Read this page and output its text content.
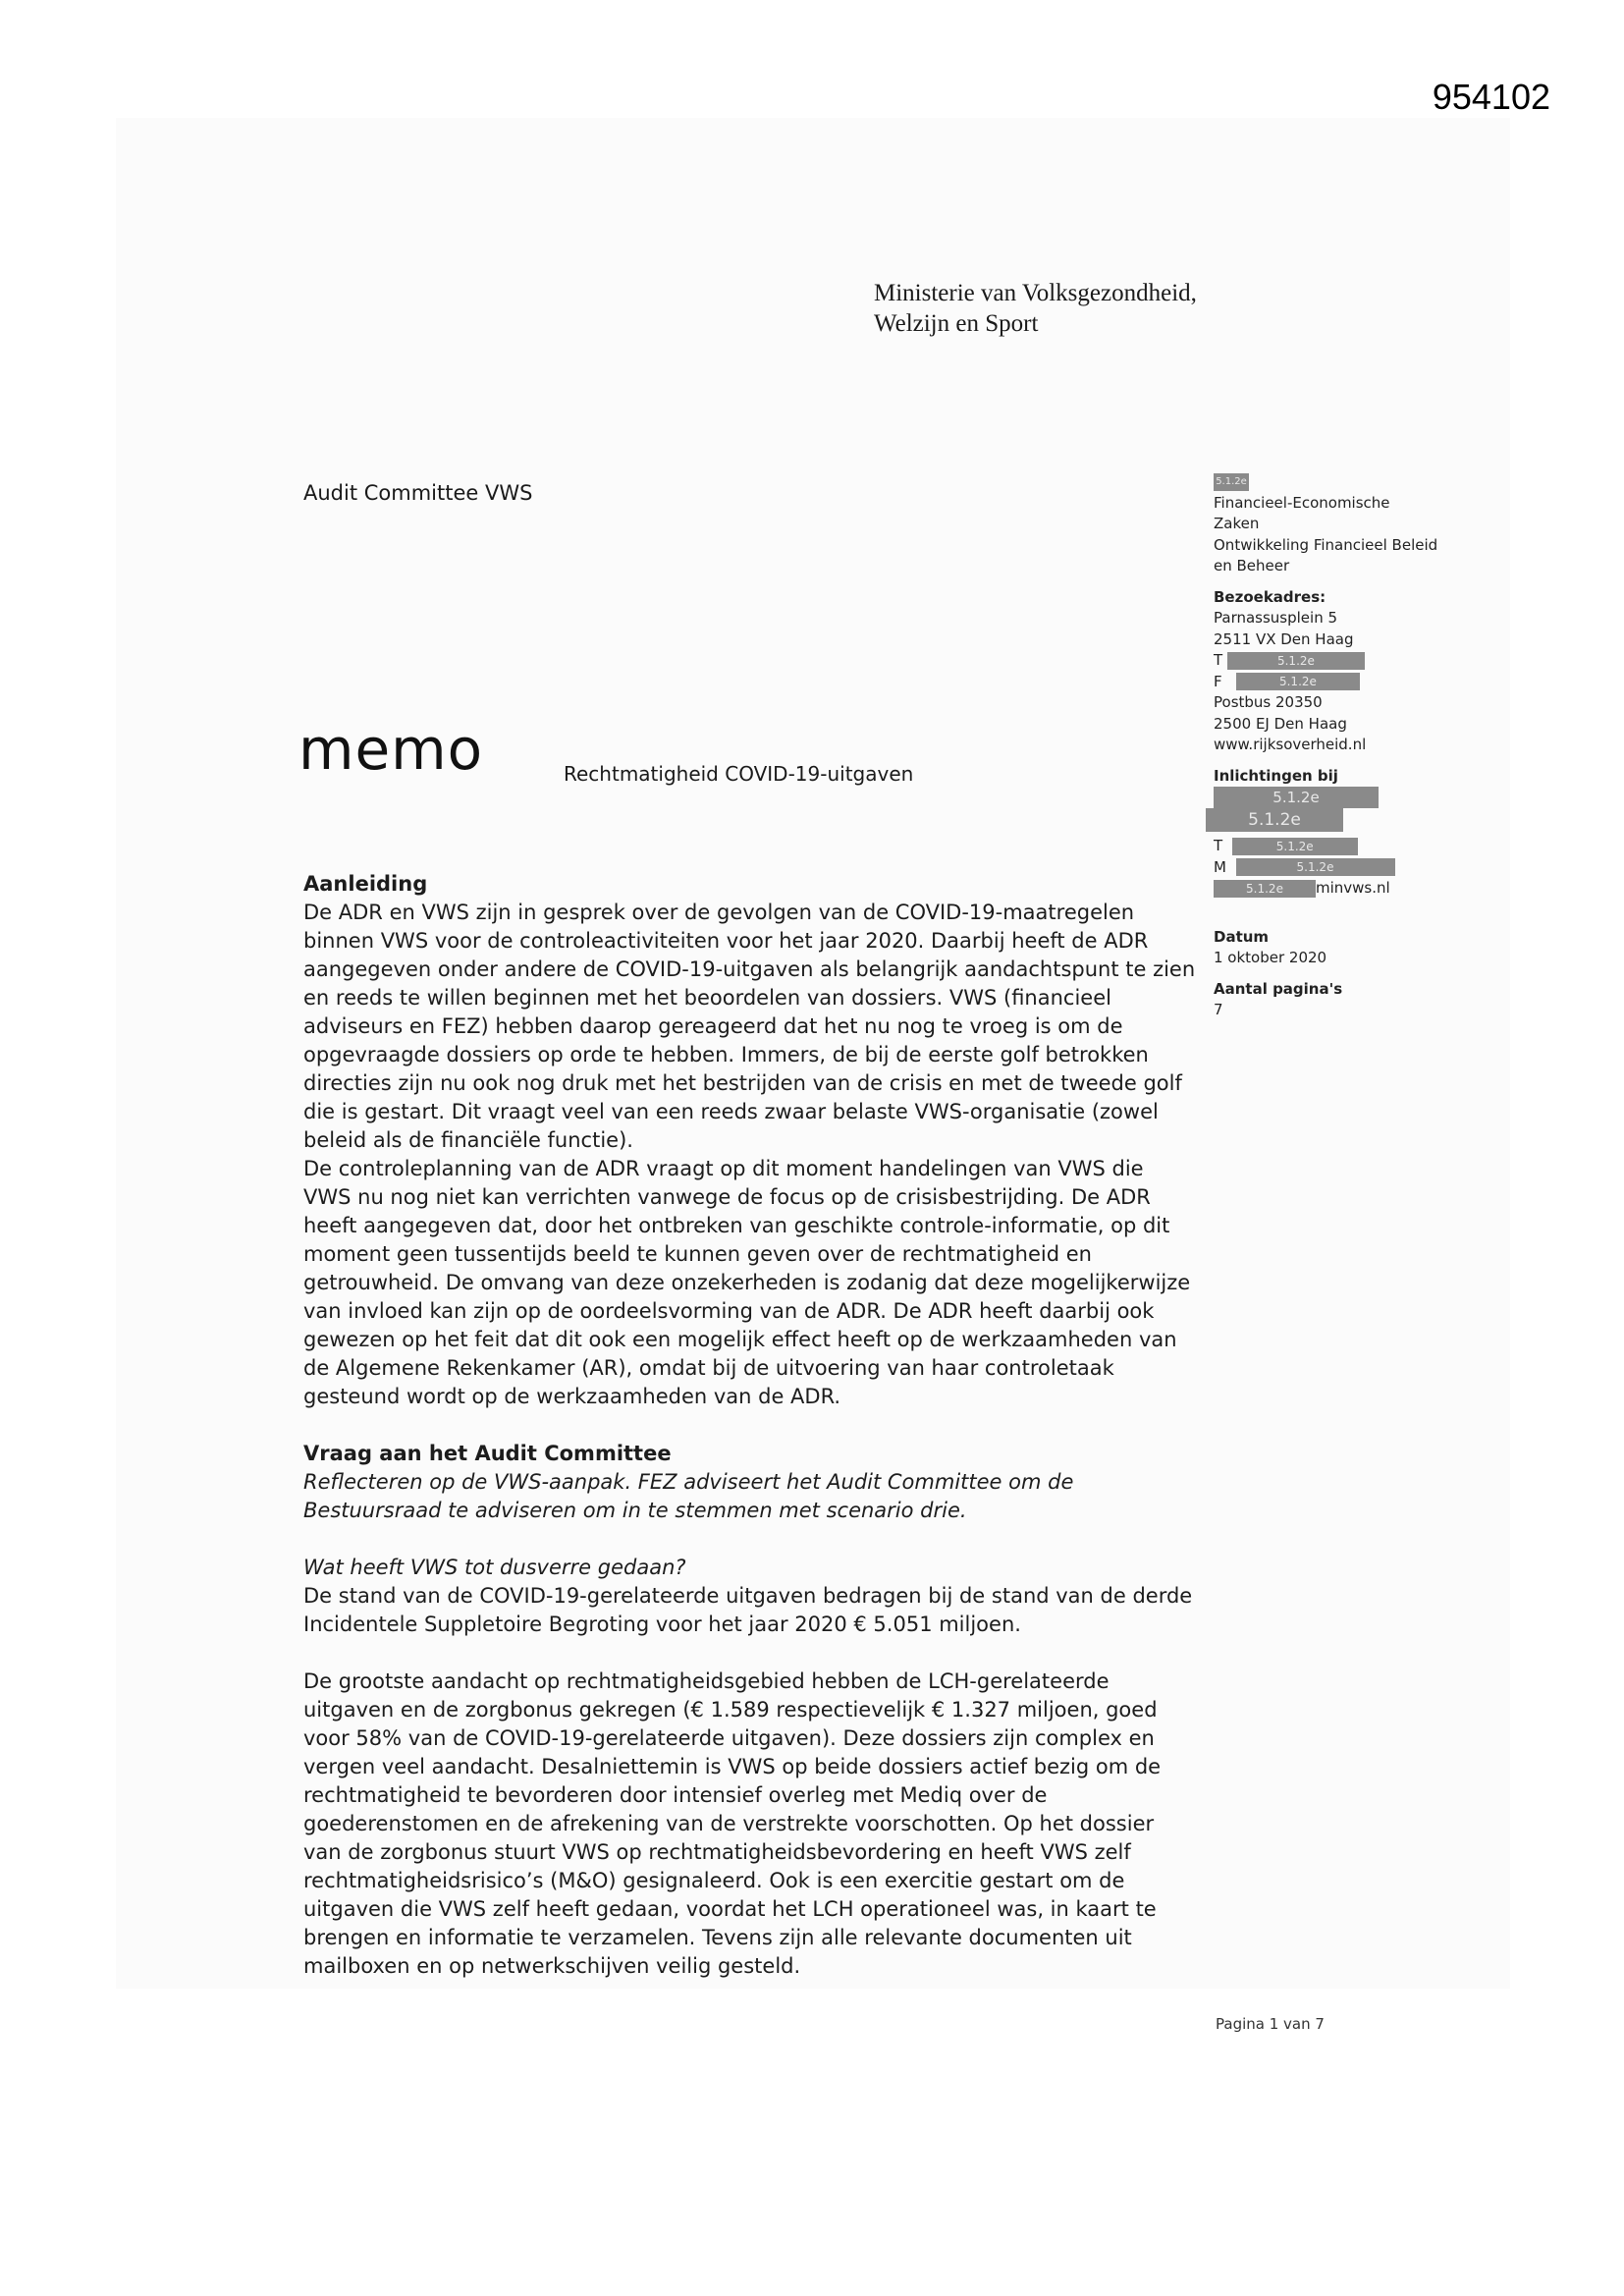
954102
Ministerie van Volksgezondheid,
Welzijn en Sport
Audit Committee VWS
memo	Rechtmatigheid COVID-19-uitgaven
5.1.2e
Financieel-Economische
Zaken
Ontwikkeling Financieel Beleid
en Beheer
Bezoekadres:
Parnassusplein 5
2511 VX Den Haag
T	5.1.2e
F	5.1.2e
Postbus 20350
2500 EJ Den Haag
www.rijksoverheid.nl
Inlichtingen bij
5.1.2e
5.1.2e
T	5.1.2e
M	5.1.2e
5.1.2e minvws.nl
Datum
1 oktober 2020
Aantal pagina's
7
Aanleiding

De ADR en VWS zijn in gesprek over de gevolgen van de COVID-19-maatregelen binnen VWS voor de controleactiviteiten voor het jaar 2020. Daarbij heeft de ADR aangegeven onder andere de COVID-19-uitgaven als belangrijk aandachtspunt te zien en reeds te willen beginnen met het beoordelen van dossiers. VWS (financieel adviseurs en FEZ) hebben daarop gereageerd dat het nu nog te vroeg is om de opgevraagde dossiers op orde te hebben. Immers, de bij de eerste golf betrokken directies zijn nu ook nog druk met het bestrijden van de crisis en met de tweede golf die is gestart. Dit vraagt veel van een reeds zwaar belaste VWS-organisatie (zowel beleid als de financiële functie).

De controleplanning van de ADR vraagt op dit moment handelingen van VWS die VWS nu nog niet kan verrichten vanwege de focus op de crisisbestrijding. De ADR heeft aangegeven dat, door het ontbreken van geschikte controle-informatie, op dit moment geen tussentijds beeld te kunnen geven over de rechtmatigheid en getrouwheid. De omvang van deze onzekerheden is zodanig dat deze mogelijkerwijze van invloed kan zijn op de oordeelsvorming van de ADR. De ADR heeft daarbij ook gewezen op het feit dat dit ook een mogelijk effect heeft op de werkzaamheden van de Algemene Rekenkamer (AR), omdat bij de uitvoering van haar controletaak gesteund wordt op de werkzaamheden van de ADR.

Vraag aan het Audit Committee

Reflecteren op de VWS-aanpak. FEZ adviseert het Audit Committee om de Bestuursraad te adviseren om in te stemmen met scenario drie.

Wat heeft VWS tot dusverre gedaan?

De stand van de COVID-19-gerelateerde uitgaven bedragen bij de stand van de derde Incidentele Suppletoire Begroting voor het jaar 2020 € 5.051 miljoen.

De grootste aandacht op rechtmatigheidsgebied hebben de LCH-gerelateerde uitgaven en de zorgbonus gekregen (€ 1.589 respectievelijk € 1.327 miljoen, goed voor 58% van de COVID-19-gerelateerde uitgaven). Deze dossiers zijn complex en vergen veel aandacht. Desalniettemin is VWS op beide dossiers actief bezig om de rechtmatigheid te bevorderen door intensief overleg met Mediq over de goederenstomen en de afrekening van de verstrekte voorschotten. Op het dossier van de zorgbonus stuurt VWS op rechtmatigheidsbevordering en heeft VWS zelf rechtmatigheidsrisico’s (M&O) gesignaleerd. Ook is een exercitie gestart om de uitgaven die VWS zelf heeft gedaan, voordat het LCH operationeel was, in kaart te brengen en informatie te verzamelen. Tevens zijn alle relevante documenten uit mailboxen en op netwerkschijven veilig gesteld.

Pagina 1 van 7
